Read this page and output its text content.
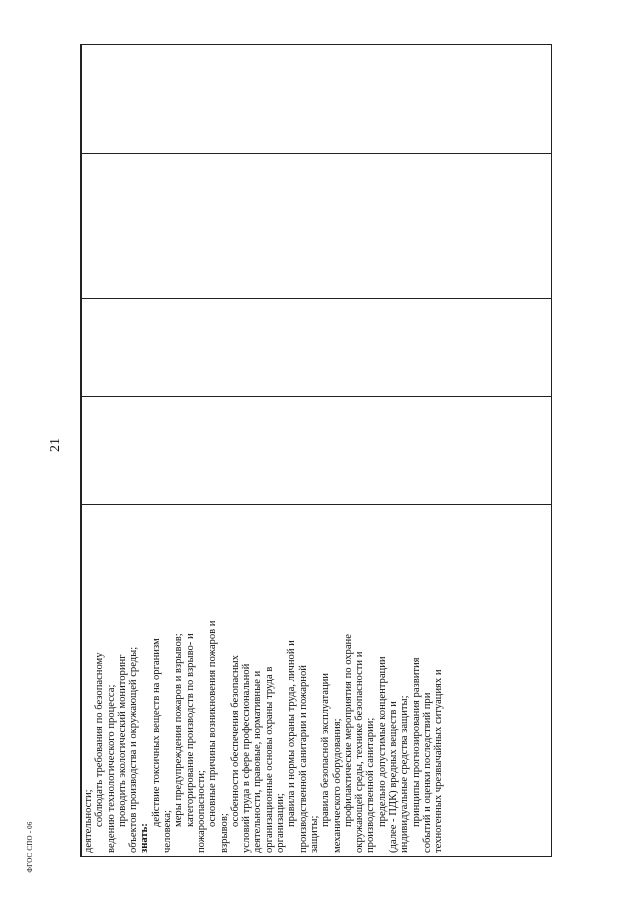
деятельности; соблюдать требования по безопасному ведению технологического процесса; проводить экологический мониторинг объектов производства и окружающей среды; знать:
действие токсичных веществ на организм
человека;
меры предупреждения пожаров и взрывов; категорирование производств по взрыво- и пожароопасности; основные причины возникновения пожаров и
взрывов;
особенности обеспечения безопасных условий труда в сфере профессиональной деятельности, правовые, нормативные и организационные основы охраны труда в организации; правила и нормы охраны труда, личной и производственной санитарии и пожарной защиты;
правила безопасной эксплуатации механического оборудования; профилактические мероприятия по охране окружающей среды, технике безопасности и производственной санитарии; предельно допустимые концентрации (далее - ПДК) вредных веществ и индивидуальные средства защиты; принципы прогнозирования развития событий и оценки последствий при техногенных чрезвычайных ситуациях и
21
ФГОС СПО - 06
